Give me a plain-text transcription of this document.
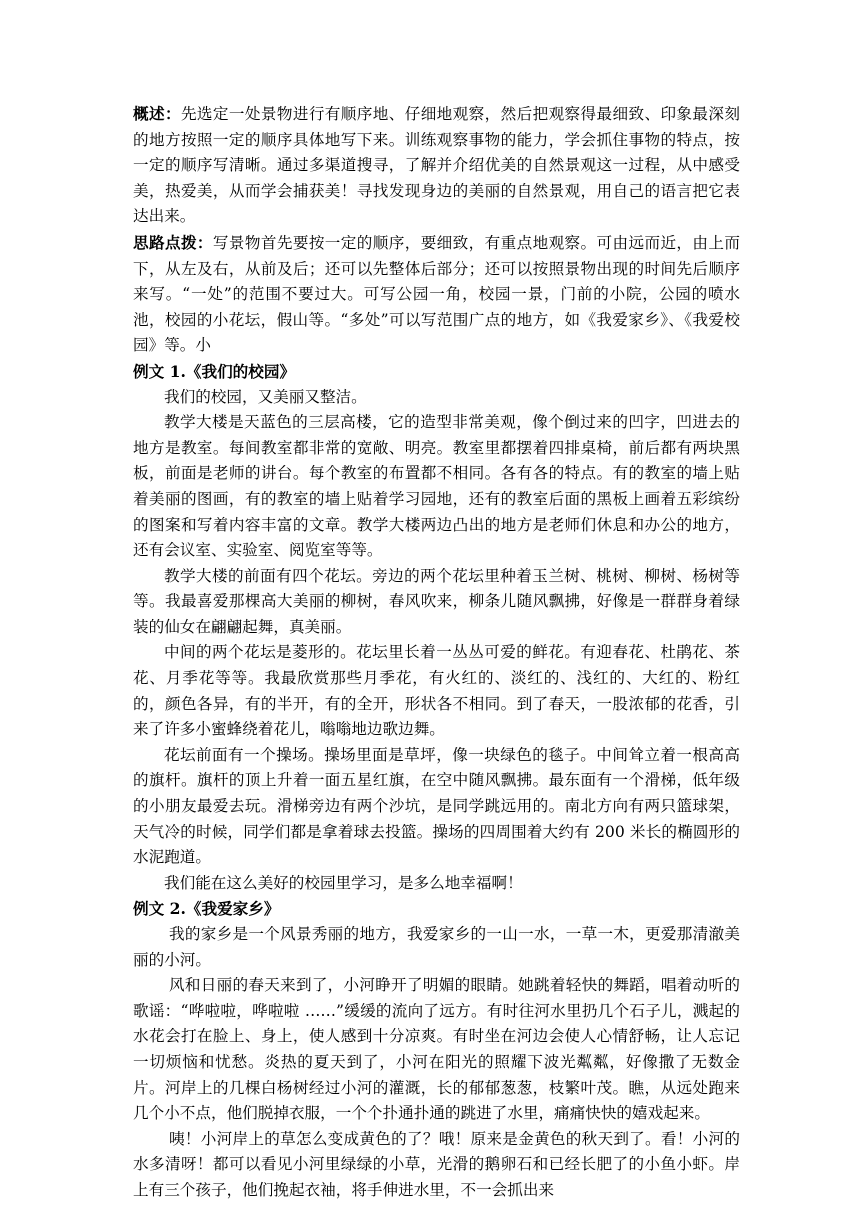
概述：先选定一处景物进行有顺序地、仔细地观察，然后把观察得最细致、印象最深刻的地方按照一定的顺序具体地写下来。训练观察事物的能力，学会抓住事物的特点，按一定的顺序写清晰。通过多渠道搜寻，了解并介绍优美的自然景观这一过程，从中感受美，热爱美，从而学会捕获美！寻找发现身边的美丽的自然景观，用自己的语言把它表达出来。

思路点拨：写景物首先要按一定的顺序，要细致，有重点地观察。可由远而近，由上而下，从左及右，从前及后；还可以先整体后部分；还可以按照景物出现的时间先后顺序来写。“一处”的范围不要过大。可写公园一角，校园一景，门前的小院，公园的喷水池，校园的小花坛，假山等。“多处”可以写范围广点的地方，如《我爱家乡》、《我爱校园》等。小

例文 1.《我们的校园》

我们的校园，又美丽又整洁。

教学大楼是天蓝色的三层高楼，它的造型非常美观，像个倒过来的凹字，凹进去的地方是教室。每间教室都非常的宽敞、明亮。教室里都摆着四排桌椅，前后都有两块黑板，前面是老师的讲台。每个教室的布置都不相同。各有各的特点。有的教室的墙上贴着美丽的图画，有的教室的墙上贴着学习园地，还有的教室后面的黑板上画着五彩缤纷的图案和写着内容丰富的文章。教学大楼两边凸出的地方是老师们休息和办公的地方，还有会议室、实验室、阅览室等等。

教学大楼的前面有四个花坛。旁边的两个花坛里种着玉兰树、桃树、柳树、杨树等等。我最喜爱那棵高大美丽的柳树，春风吹来，柳条儿随风飘拂，好像是一群群身着绿装的仙女在翩翩起舞，真美丽。

中间的两个花坛是菱形的。花坛里长着一丛丛可爱的鲜花。有迎春花、杜鹃花、茶花、月季花等等。我最欣赏那些月季花，有火红的、淡红的、浅红的、大红的、粉红的，颜色各异，有的半开，有的全开，形状各不相同。到了春天，一股浓郁的花香，引来了许多小蜜蜂绕着花儿，嗡嗡地边歌边舞。

花坛前面有一个操场。操场里面是草坪，像一块绿色的毯子。中间耸立着一根高高的旗杆。旗杆的顶上升着一面五星红旗，在空中随风飘拂。最东面有一个滑梯，低年级的小朋友最爱去玩。滑梯旁边有两个沙坑，是同学跳远用的。南北方向有两只篮球架，天气冷的时候，同学们都是拿着球去投篮。操场的四周围着大约有 200 米长的椭圆形的水泥跑道。

我们能在这么美好的校园里学习，是多么地幸福啊！

例文 2.《我爱家乡》

我的家乡是一个风景秀丽的地方，我爱家乡的一山一水，一草一木，更爱那清澈美丽的小河。

风和日丽的春天来到了，小河睁开了明媚的眼睛。她跳着轻快的舞蹈，唱着动听的歌谣：“哗啦啦，哗啦啦 ……”缓缓的流向了远方。有时往河水里扔几个石子儿，溅起的水花会打在脸上、身上，使人感到十分凉爽。有时坐在河边会使人心情舒畅，让人忘记一切烦恼和忧愁。炎热的夏天到了，小河在阳光的照耀下波光粼粼，好像撒了无数金片。河岸上的几棵白杨树经过小河的灌溉，长的郁郁葱葱，枝繁叶茂。瞧，从远处跑来几个小不点，他们脱掉衣服，一个个扑通扑通的跳进了水里，痛痛快快的嬉戏起来。

咦！小河岸上的草怎么变成黄色的了？哦！原来是金黄色的秋天到了。看！小河的水多清呀！都可以看见小河里绿绿的小草，光滑的鹅卵石和已经长肥了的小鱼小虾。岸上有三个孩子，他们挽起衣袖，将手伸进水里，不一会抓出来
